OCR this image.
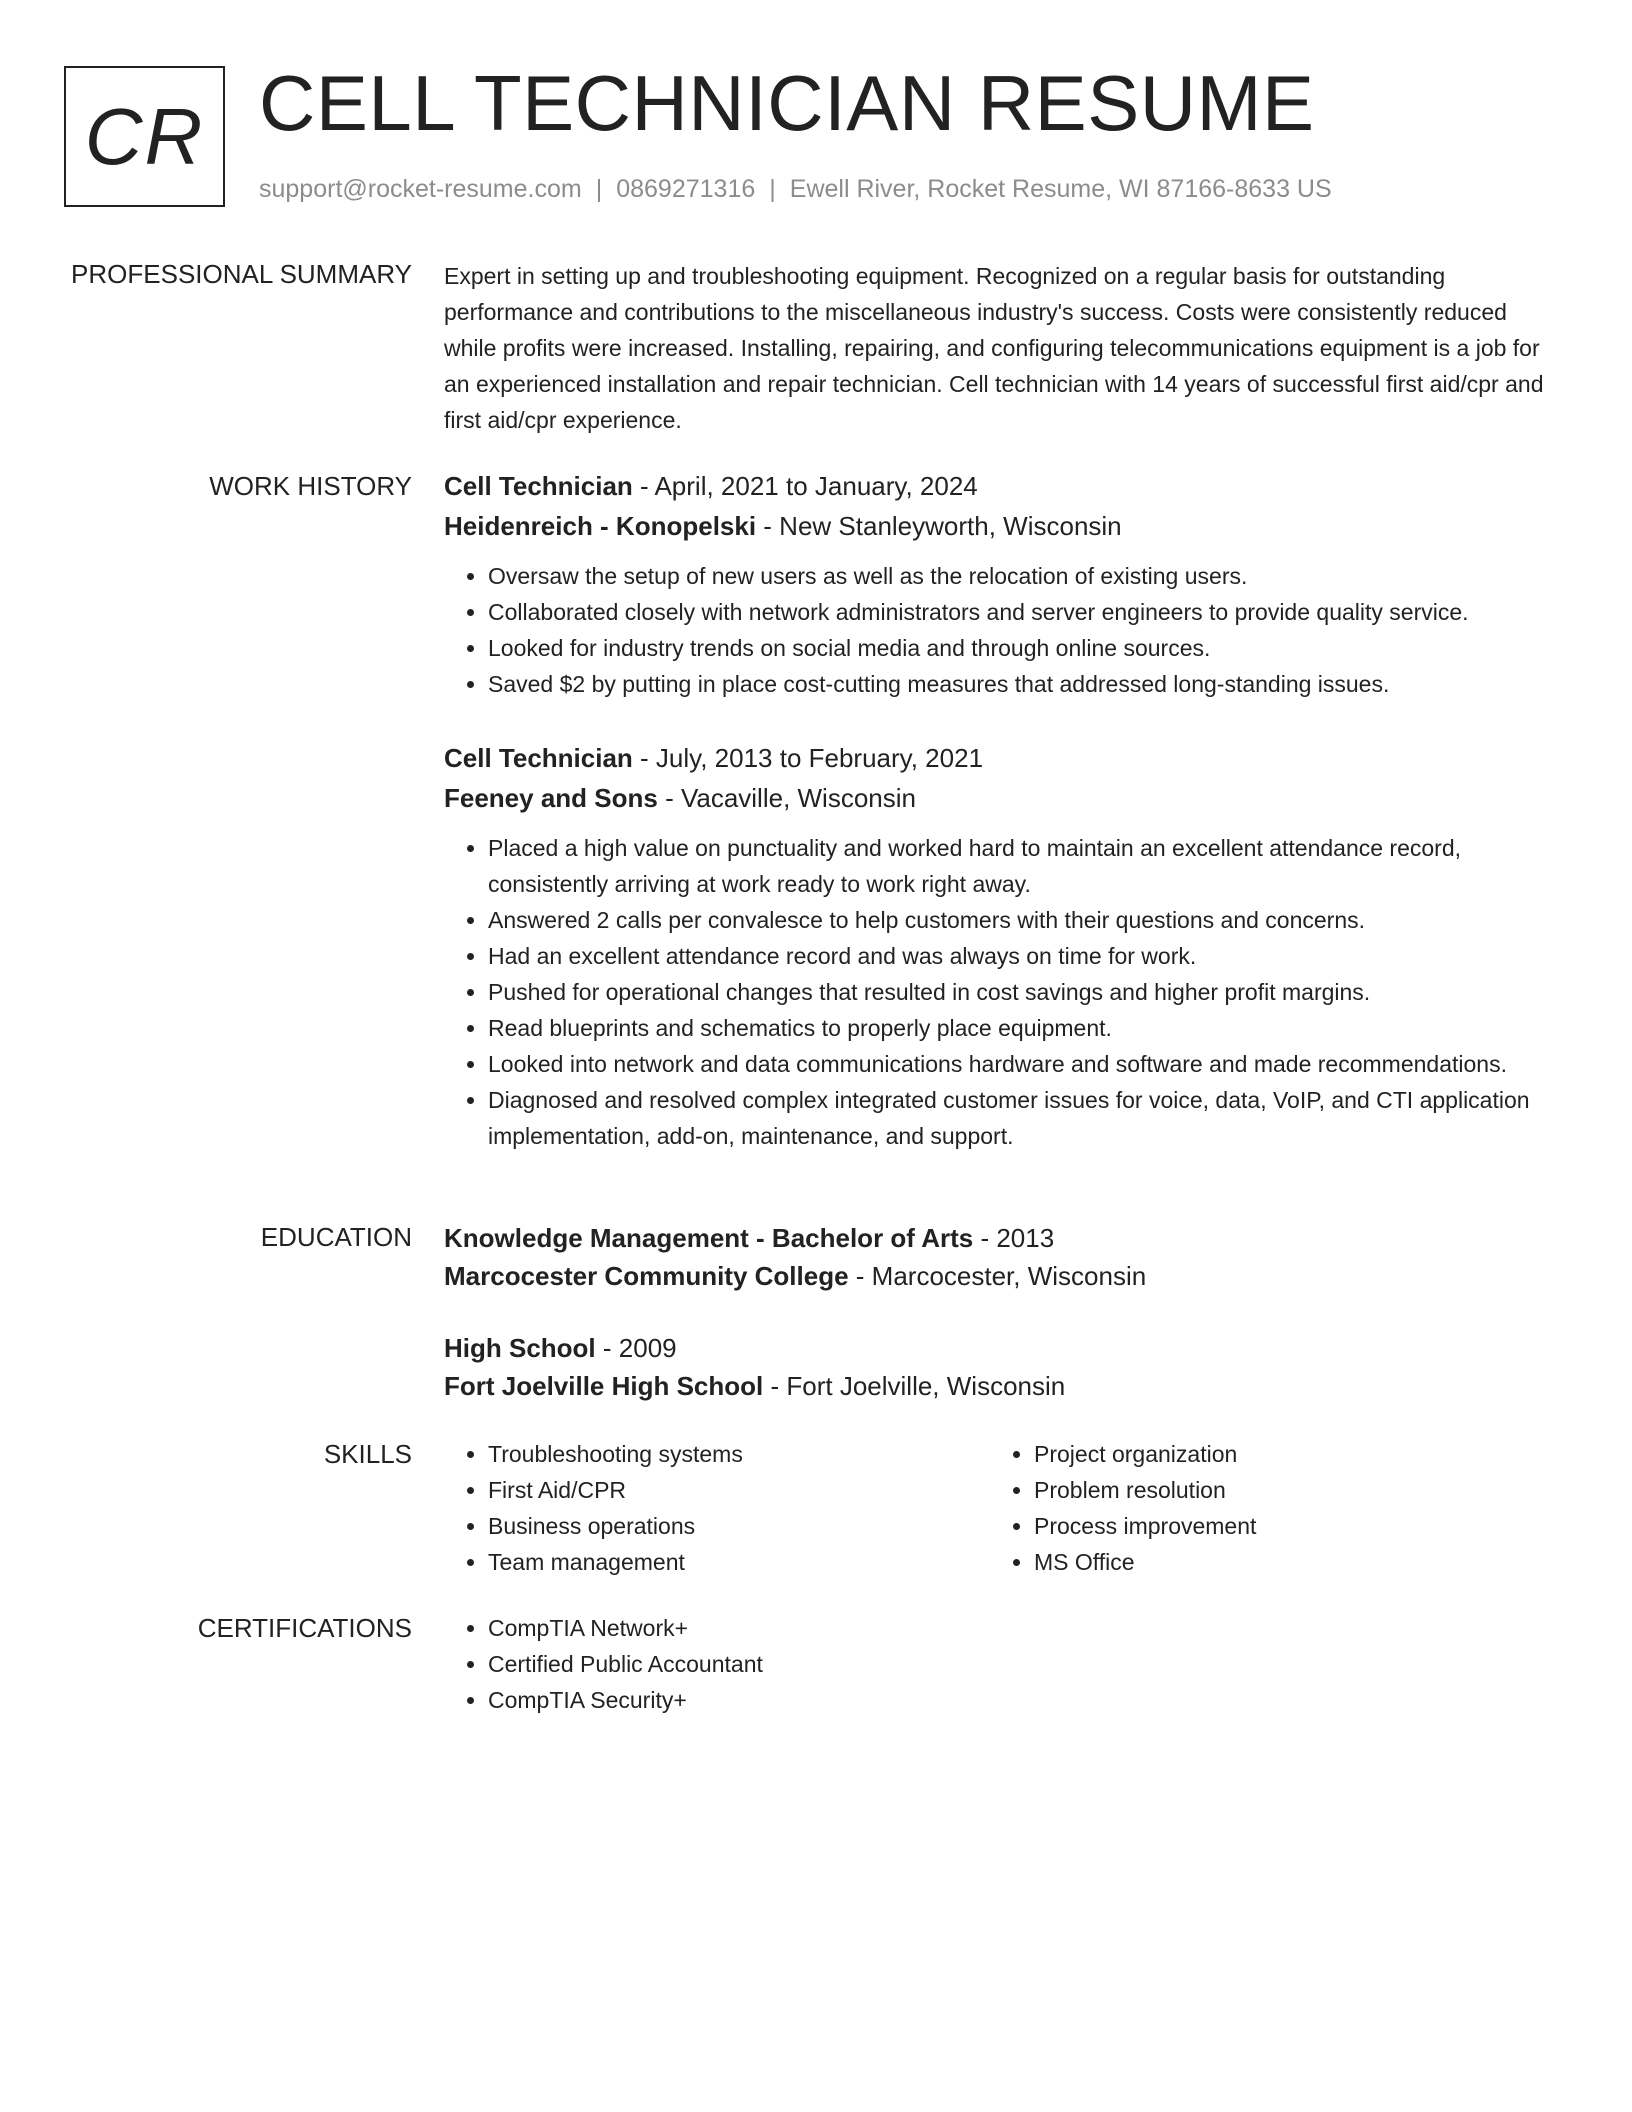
CR CELL TECHNICIAN RESUME
support@rocket-resume.com | 0869271316 | Ewell River, Rocket Resume, WI 87166-8633 US
PROFESSIONAL SUMMARY Expert in setting up and troubleshooting equipment. Recognized on a regular basis for outstanding performance and contributions to the miscellaneous industry's success. Costs were consistently reduced while profits were increased. Installing, repairing, and configuring telecommunications equipment is a job for an experienced installation and repair technician. Cell technician with 14 years of successful first aid/cpr and first aid/cpr experience.

WORK HISTORY Cell Technician - April, 2021 to January, 2024
Heidenreich - Konopelski - New Stanleyworth, Wisconsin
• Oversaw the setup of new users as well as the relocation of existing users.
• Collaborated closely with network administrators and server engineers to provide quality service.
• Looked for industry trends on social media and through online sources.
• Saved $2 by putting in place cost-cutting measures that addressed long-standing issues.
Cell Technician - July, 2013 to February, 2021
Feeney and Sons - Vacaville, Wisconsin
• Placed a high value on punctuality and worked hard to maintain an excellent attendance record, consistently arriving at work ready to work right away.
• Answered 2 calls per convalesce to help customers with their questions and concerns.
• Had an excellent attendance record and was always on time for work.
• Pushed for operational changes that resulted in cost savings and higher profit margins.
• Read blueprints and schematics to properly place equipment.
• Looked into network and data communications hardware and software and made recommendations.
• Diagnosed and resolved complex integrated customer issues for voice, data, VoIP, and CTI application implementation, add-on, maintenance, and support.
EDUCATION Knowledge Management - Bachelor of Arts - 2013
Marcocester Community College - Marcocester, Wisconsin
High School - 2009
Fort Joelville High School - Fort Joelville, Wisconsin
SKILLS	• Troubleshooting systems
• First Aid/CPR
• Business operations
• Team management
• Project organization
• Problem resolution
• Process improvement
• MS Office
CERTIFICATIONS	• CompTIA Network+
• Certified Public Accountant
• CompTIA Security+
